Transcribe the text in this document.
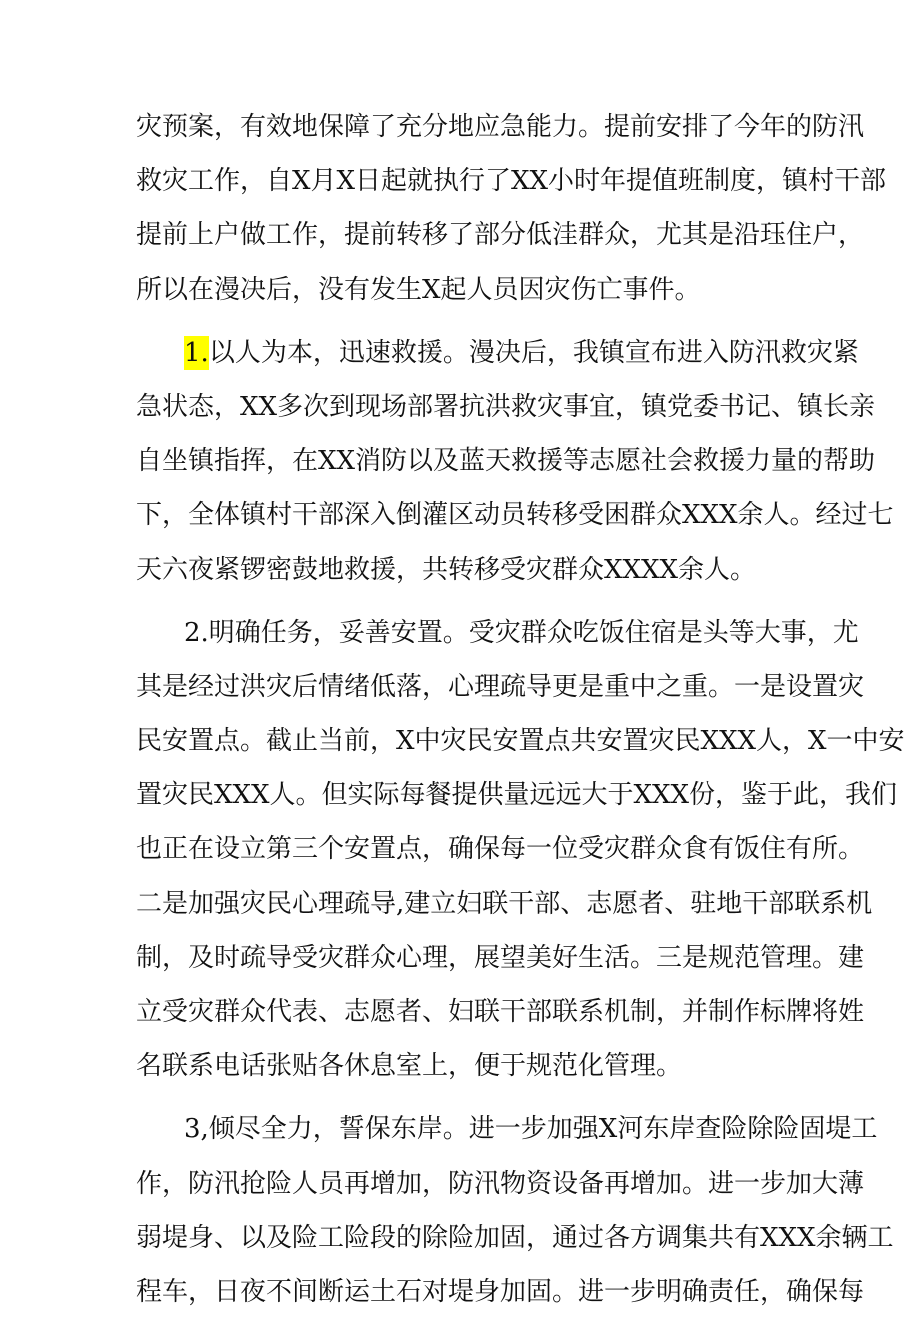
灾预案，有效地保障了充分地应急能力。提前安排了今年的防汛
救灾工作，自X月X日起就执行了XX小时年提值班制度，镇村干部
提前上户做工作，提前转移了部分低洼群众，尤其是沿珏住户，
所以在漫决后，没有发生X起人员因灾伤亡事件。
1.以人为本，迅速救援。漫决后，我镇宣布进入防汛救灾紧
急状态，XX多次到现场部署抗洪救灾事宜，镇党委书记、镇长亲
自坐镇指挥，在XX消防以及蓝天救援等志愿社会救援力量的帮助
下，全体镇村干部深入倒灌区动员转移受困群众XXX余人。经过七
天六夜紧锣密鼓地救援，共转移受灾群众XXXX余人。
2.明确任务，妥善安置。受灾群众吃饭住宿是头等大事，尤
其是经过洪灾后情绪低落，心理疏导更是重中之重。一是设置灾
民安置点。截止当前，X中灾民安置点共安置灾民XXX人，X一中安
置灾民XXX人。但实际每餐提供量远远大于XXX份，鉴于此，我们
也正在设立第三个安置点，确保每一位受灾群众食有饭住有所。
二是加强灾民心理疏导,建立妇联干部、志愿者、驻地干部联系机
制，及时疏导受灾群众心理，展望美好生活。三是规范管理。建
立受灾群众代表、志愿者、妇联干部联系机制，并制作标牌将姓
名联系电话张贴各休息室上，便于规范化管理。
3,倾尽全力，誓保东岸。进一步加强X河东岸查险除险固堤工
作，防汛抢险人员再增加，防汛物资设备再增加。进一步加大薄
弱堤身、以及险工险段的除险加固，通过各方调集共有XXX余辆工
程车，日夜不间断运土石对堤身加固。进一步明确责任，确保每
